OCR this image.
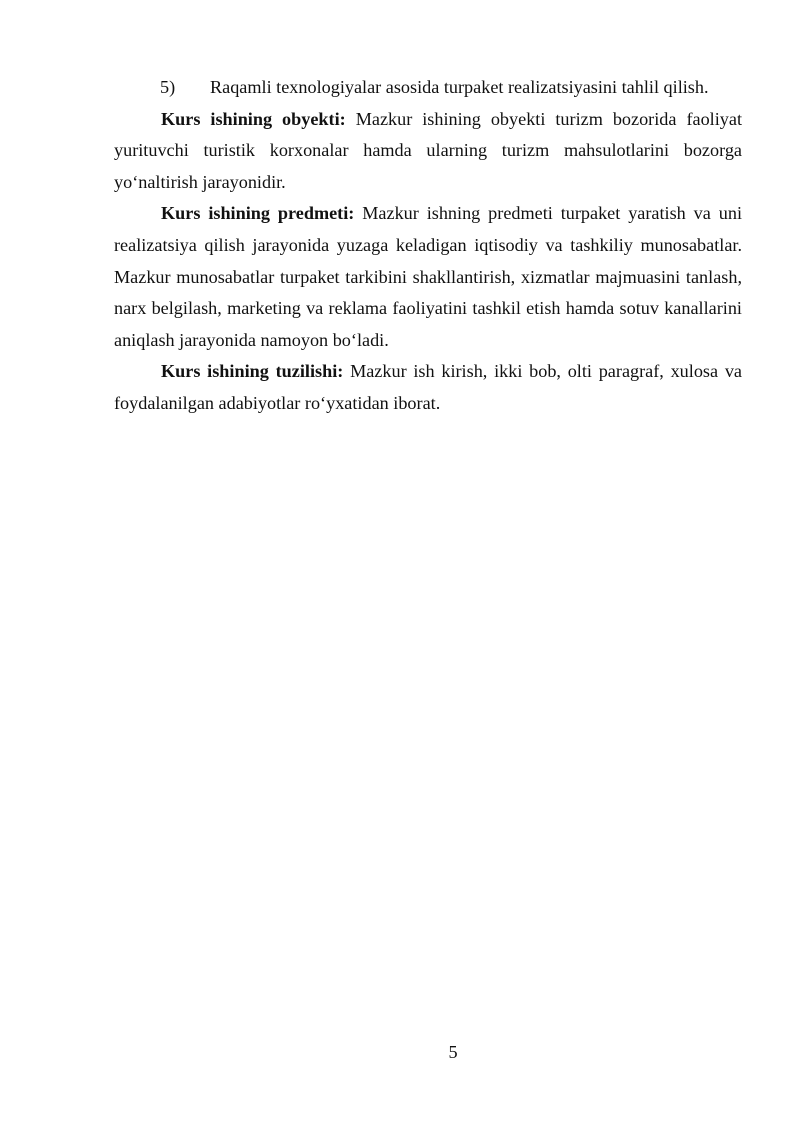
5) Raqamli texnologiyalar asosida turpaket realizatsiyasini tahlil qilish.

Kurs ishining obyekti: Mazkur ishining obyekti turizm bozorida faoliyat yurituvchi turistik korxonalar hamda ularning turizm mahsulotlarini bozorga yo‘naltirish jarayonidir.

Kurs ishining predmeti: Mazkur ishning predmeti turpaket yaratish va uni realizatsiya qilish jarayonida yuzaga keladigan iqtisodiy va tashkiliy munosabatlar. Mazkur munosabatlar turpaket tarkibini shakllantirish, xizmatlar majmuasini tanlash, narx belgilash, marketing va reklama faoliyatini tashkil etish hamda sotuv kanallarini aniqlash jarayonida namoyon bo‘ladi.

Kurs ishining tuzilishi: Mazkur ish kirish, ikki bob, olti paragraf, xulosa va foydalanilgan adabiyotlar ro‘yxatidan iborat.

5
